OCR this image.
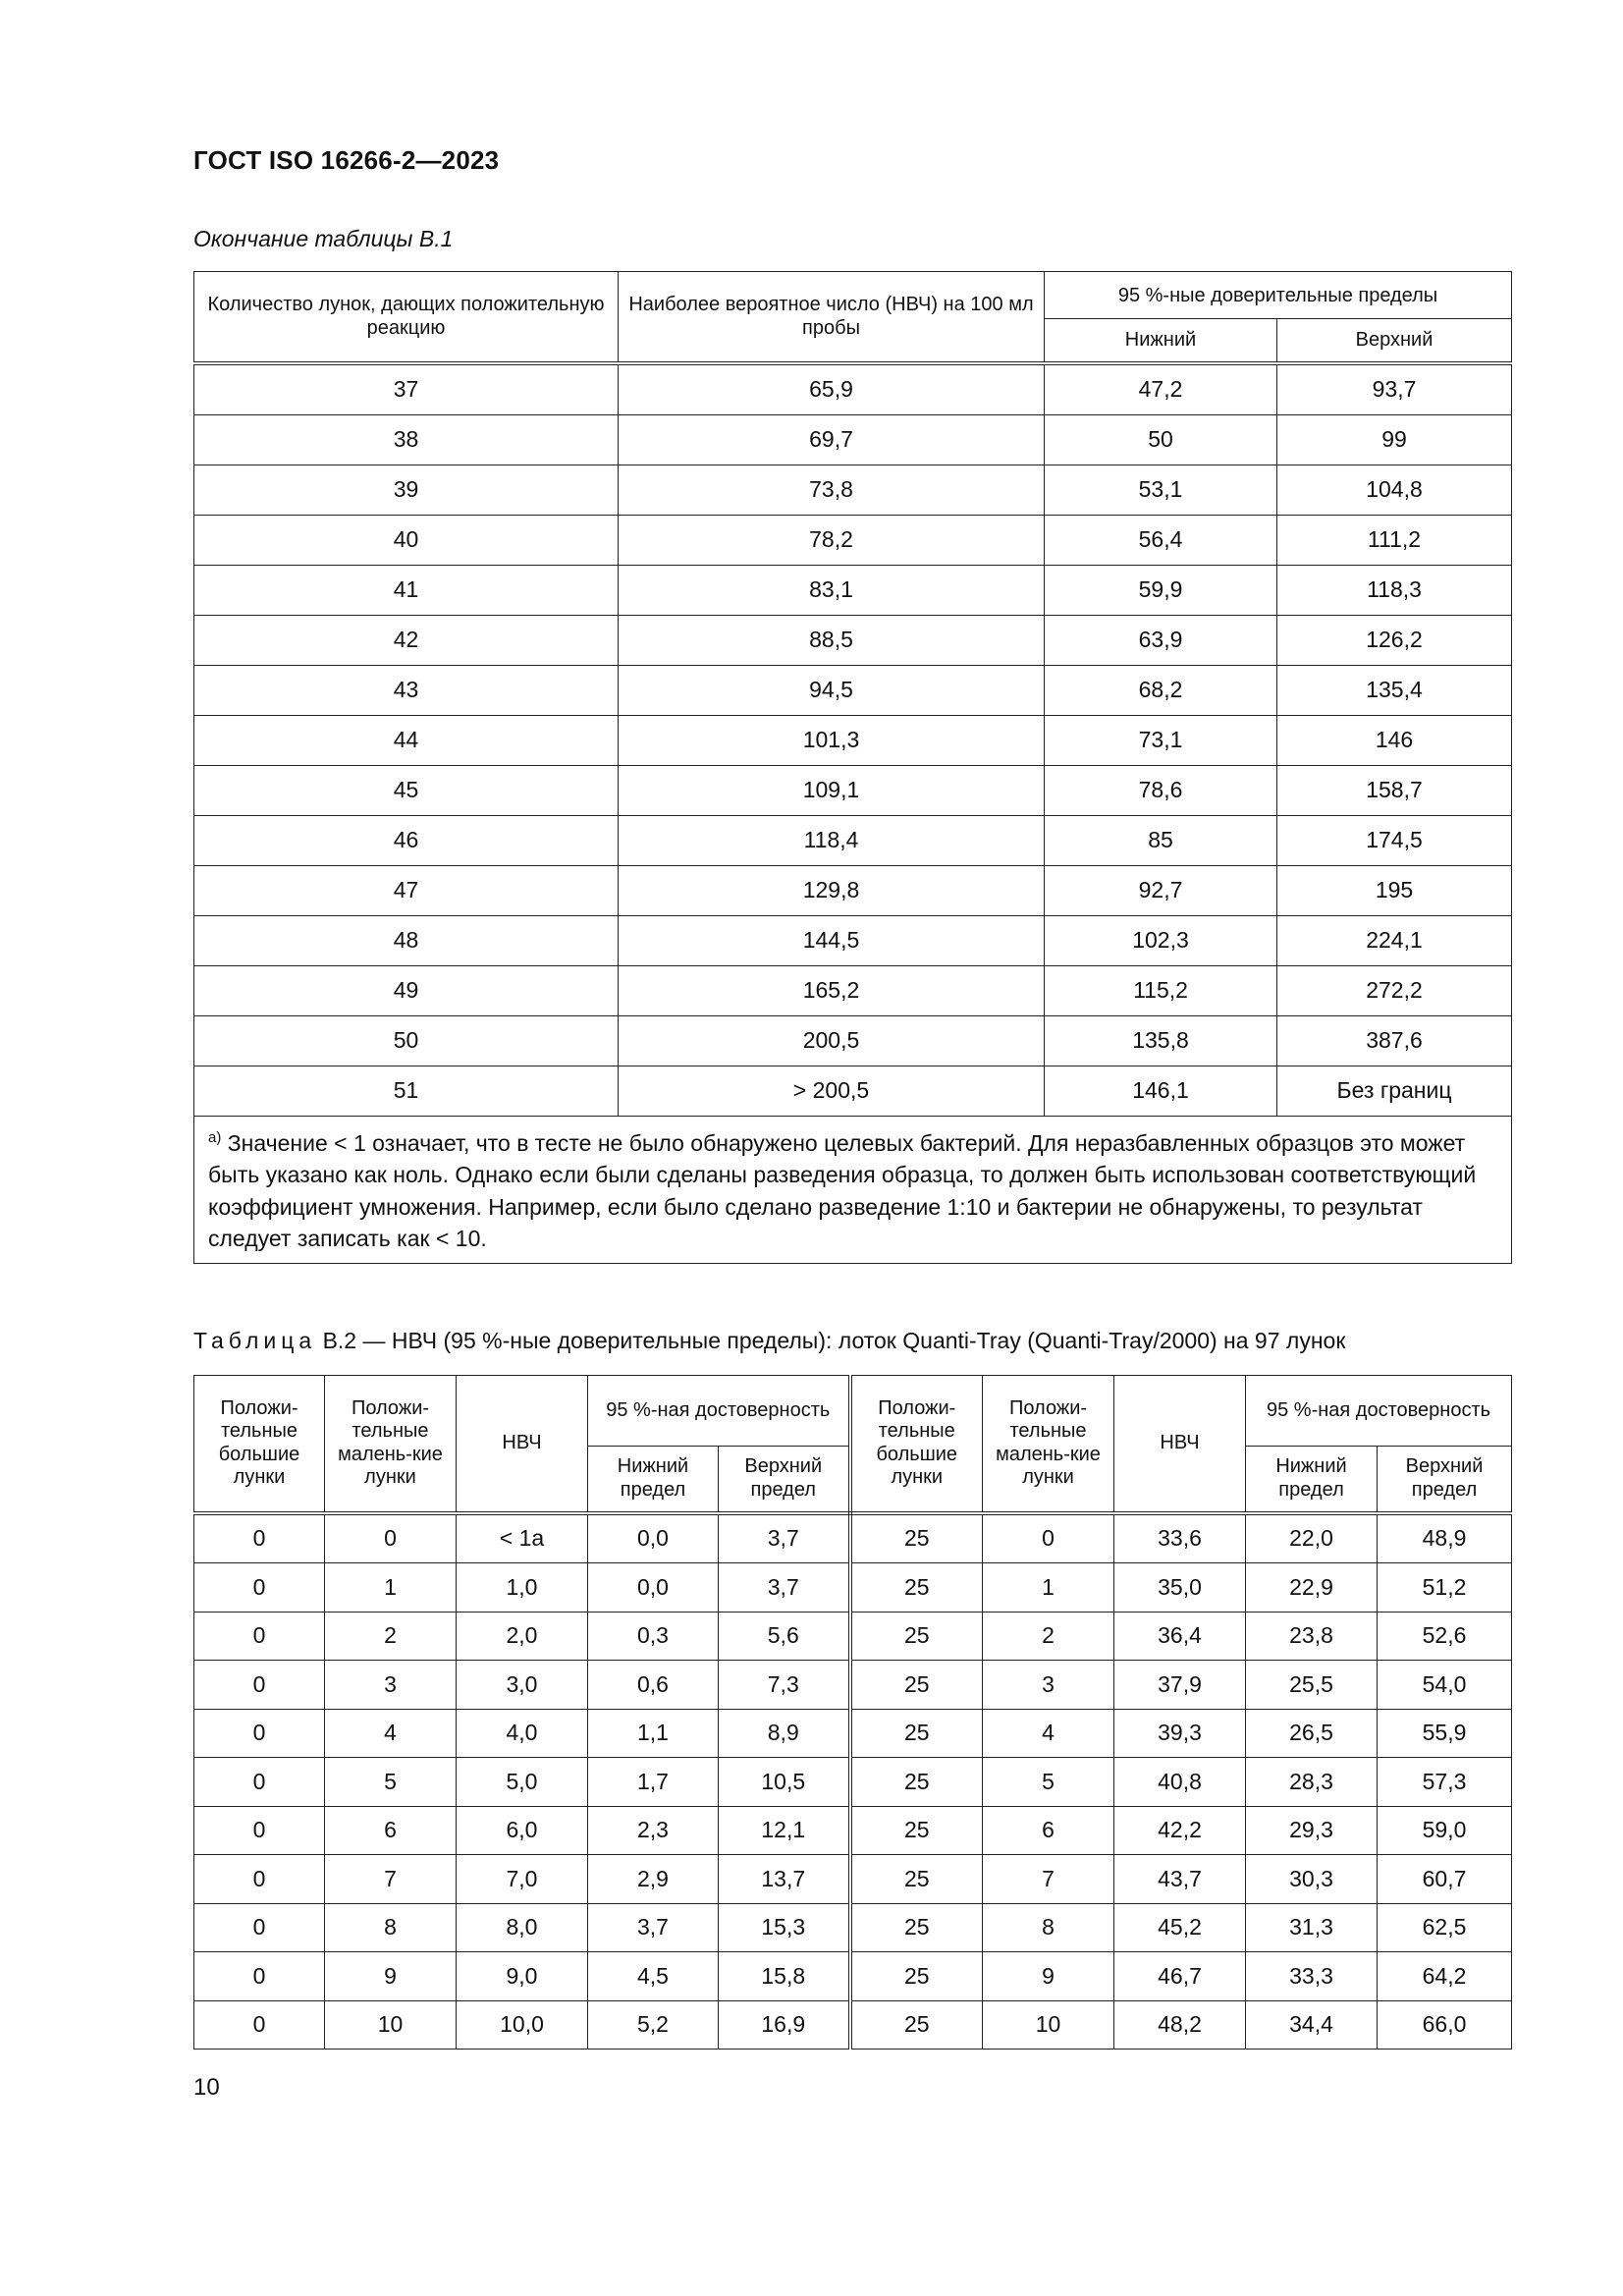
ГОСТ ISO 16266-2—2023
Окончание таблицы В.1
Количество лунок, дающих положительную реакцию	Наиболее вероятное число (НВЧ) на 100 мл пробы	95 %-ные доверительные пределы	
		Нижний	Верхний
37	65,9	47,2	93,7
38	69,7	50	99
39	73,8	53,1	104,8
40	78,2	56,4	111,2
41	83,1	59,9	118,3
42	88,5	63,9	126,2
43	94,5	68,2	135,4
44	101,3	73,1	146
45	109,1	78,6	158,7
46	118,4	85	174,5
47	129,8	92,7	195
48	144,5	102,3	224,1
49	165,2	115,2	272,2
50	200,5	135,8	387,6
51	> 200,5	146,1	Без границ
$^{а)}$ Значение < 1 означает, что в тесте не было обнаружено целевых бактерий. Для неразбавленных образцов это может быть указано как ноль. Однако если были сделаны разведения образца, то должен быть использован соответствующий коэффициент умножения. Например, если было сделано разведение 1:10 и бактерии не обнаружены, то результат следует записать как < 10.			
Таблица В.2 — НВЧ (95 %-ные доверительные пределы): лоток Quanti-Tray (Quanti-Tray/2000) на 97 лунок
Положи-тельные большие лунки	Положи-тельные малень-кие лунки	НВЧ	95 %-ная достоверность		Положи-тельные большие лунки	Положи-тельные малень-кие лунки	НВЧ	95 %-ная достоверность	
			Нижний предел	Верхний предел				Нижний предел	Верхний предел
0	0	< 1а	0,0	3,7	25	0	33,6	22,0	48,9
0	1	1,0	0,0	3,7	25	1	35,0	22,9	51,2
0	2	2,0	0,3	5,6	25	2	36,4	23,8	52,6
0	3	3,0	0,6	7,3	25	3	37,9	25,5	54,0
0	4	4,0	1,1	8,9	25	4	39,3	26,5	55,9
0	5	5,0	1,7	10,5	25	5	40,8	28,3	57,3
0	6	6,0	2,3	12,1	25	6	42,2	29,3	59,0
0	7	7,0	2,9	13,7	25	7	43,7	30,3	60,7
0	8	8,0	3,7	15,3	25	8	45,2	31,3	62,5
0	9	9,0	4,5	15,8	25	9	46,7	33,3	64,2
0	10	10,0	5,2	16,9	25	10	48,2	34,4	66,0
10
